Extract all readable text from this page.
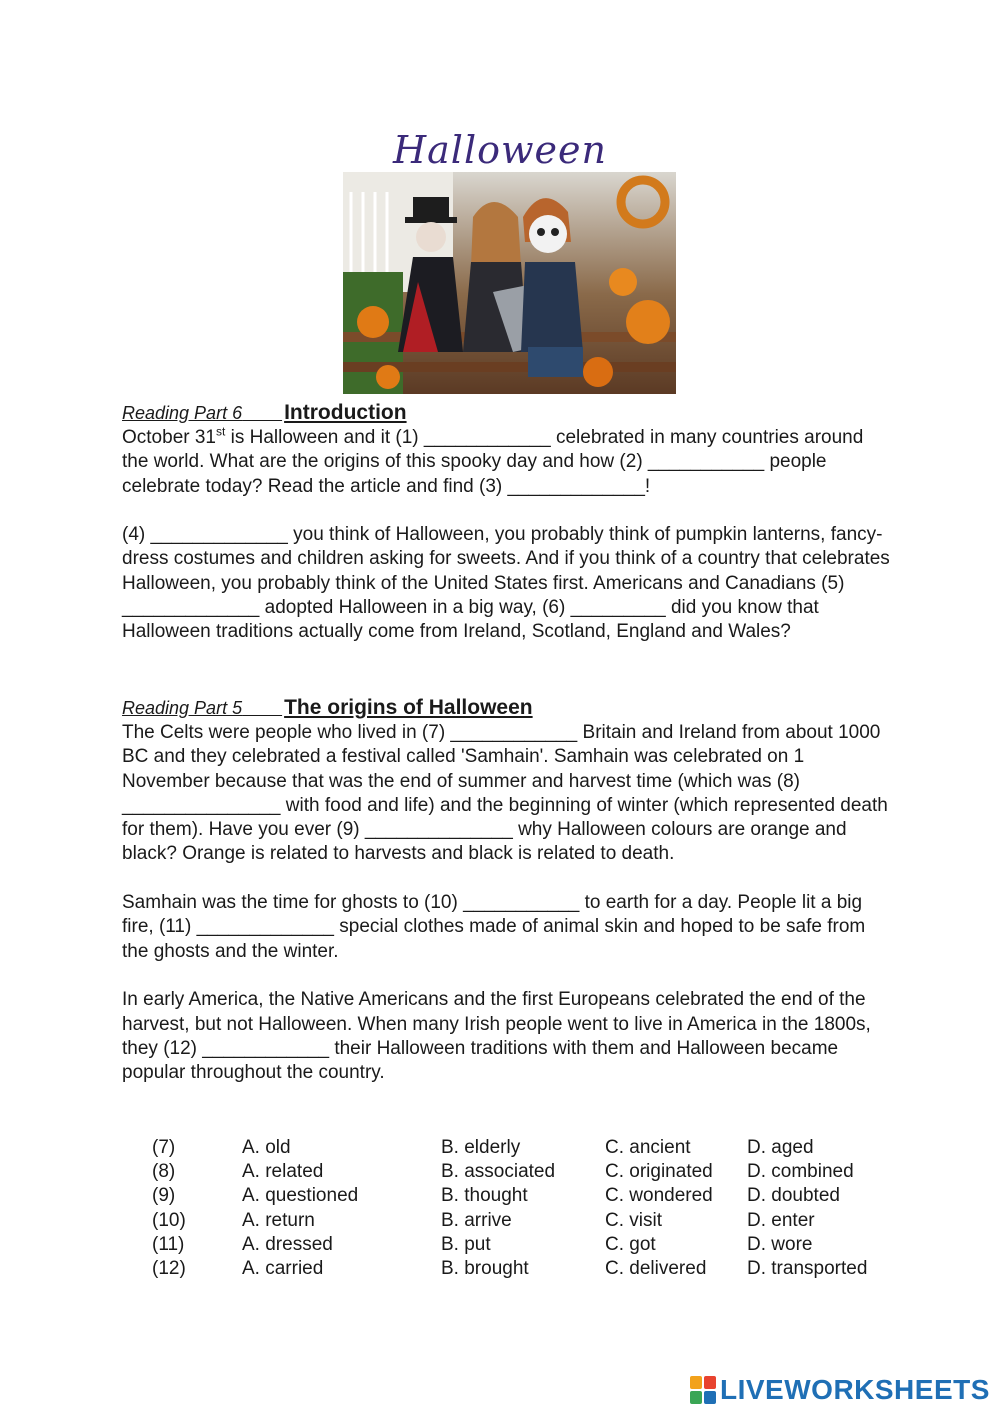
Halloween
Reading Part 6 Introduction

October 31st is Halloween and it (1) ____________ celebrated in many countries around the world. What are the origins of this spooky day and how (2) ___________ people celebrate today? Read the article and find (3) _____________!

(4) _____________ you think of Halloween, you probably think of pumpkin lanterns, fancy-dress costumes and children asking for sweets. And if you think of a country that celebrates Halloween, you probably think of the United States first. Americans and Canadians (5) _____________ adopted Halloween in a big way, (6) _________ did you know that Halloween traditions actually come from Ireland, Scotland, England and Wales?

Reading Part 5 The origins of Halloween

The Celts were people who lived in (7) ____________ Britain and Ireland from about 1000 BC and they celebrated a festival called 'Samhain'. Samhain was celebrated on 1 November because that was the end of summer and harvest time (which was (8) _______________ with food and life) and the beginning of winter (which represented death for them). Have you ever (9) ______________ why Halloween colours are orange and black? Orange is related to harvests and black is related to death.

Samhain was the time for ghosts to (10) ___________ to earth for a day. People lit a big fire, (11) _____________ special clothes made of animal skin and hoped to be safe from the ghosts and the winter.

In early America, the Native Americans and the first Europeans celebrated the end of the harvest, but not Halloween. When many Irish people went to live in America in the 1800s, they (12) ____________ their Halloween traditions with them and Halloween became popular throughout the country.

(7)	A. old	B. elderly	C. ancient	D. aged
(8)	A. related	B. associated	C. originated D. combined
(9)	A. questioned	B. thought	C. wondered D. doubted
(10)	A. return	B. arrive	C. visit	D. enter
(11)	A. dressed	B. put	C. got	D. wore
(12)	A. carried	B. brought	C. delivered D. transported
LIVEWORKSHEETS
